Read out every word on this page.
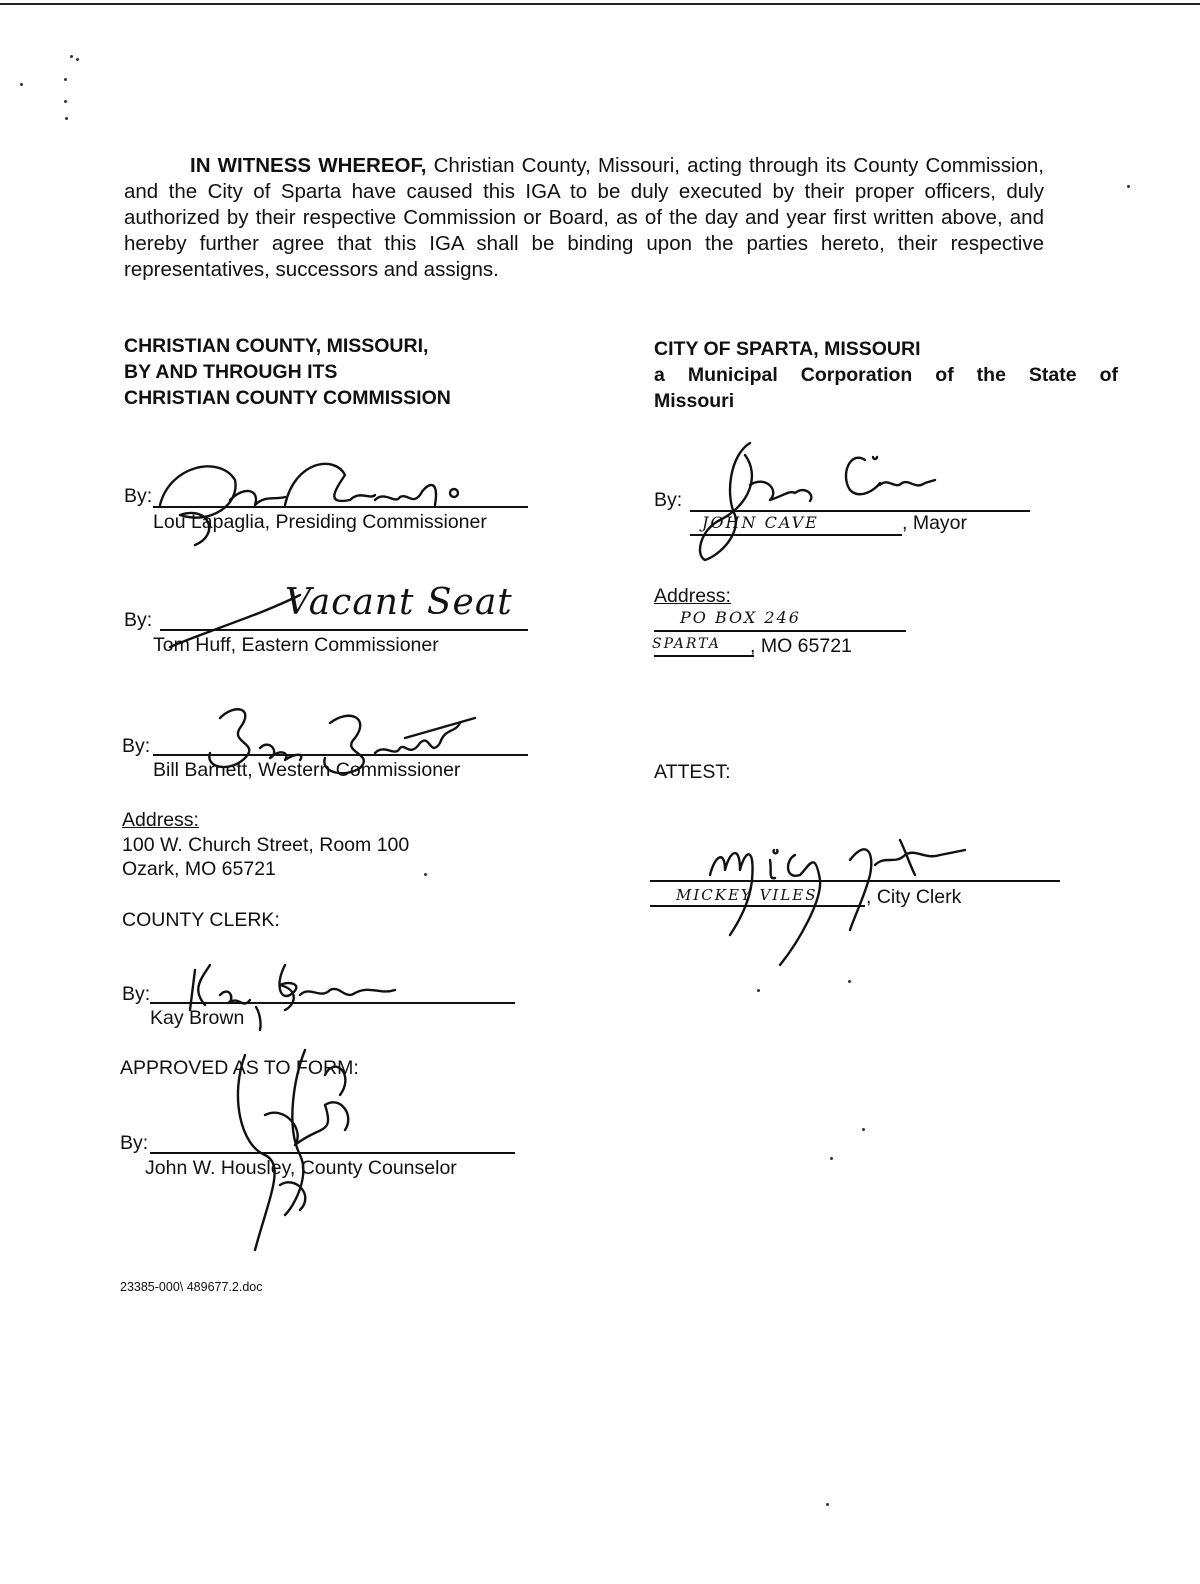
IN WITNESS WHEREOF, Christian County, Missouri, acting through its County Commission, and the City of Sparta have caused this IGA to be duly executed by their proper officers, duly authorized by their respective Commission or Board, as of the day and year first written above, and hereby further agree that this IGA shall be binding upon the parties hereto, their respective representatives, successors and assigns.

CHRISTIAN COUNTY, MISSOURI,
BY AND THROUGH ITS
CHRISTIAN COUNTY COMMISSION
By:
Lou Lapaglia, Presiding Commissioner
By:
Tom Huff, Eastern Commissioner
Vacant Seat
By:
Bill Barnett, Western Commissioner
Address:
100 W. Church Street, Room 100
Ozark, MO 65721
COUNTY CLERK:
By:
Kay Brown
APPROVED AS TO FORM:
By:
John W. Housley, County Counselor
CITY OF SPARTA, MISSOURI
a Municipal Corporation of the State of
Missouri
By:
JOHN CAVE	, Mayor
Address:
PO BOX 246
SPARTA , MO 65721
ATTEST:
MICKEY VILES , City Clerk
23385-000\ 489677.2.doc
